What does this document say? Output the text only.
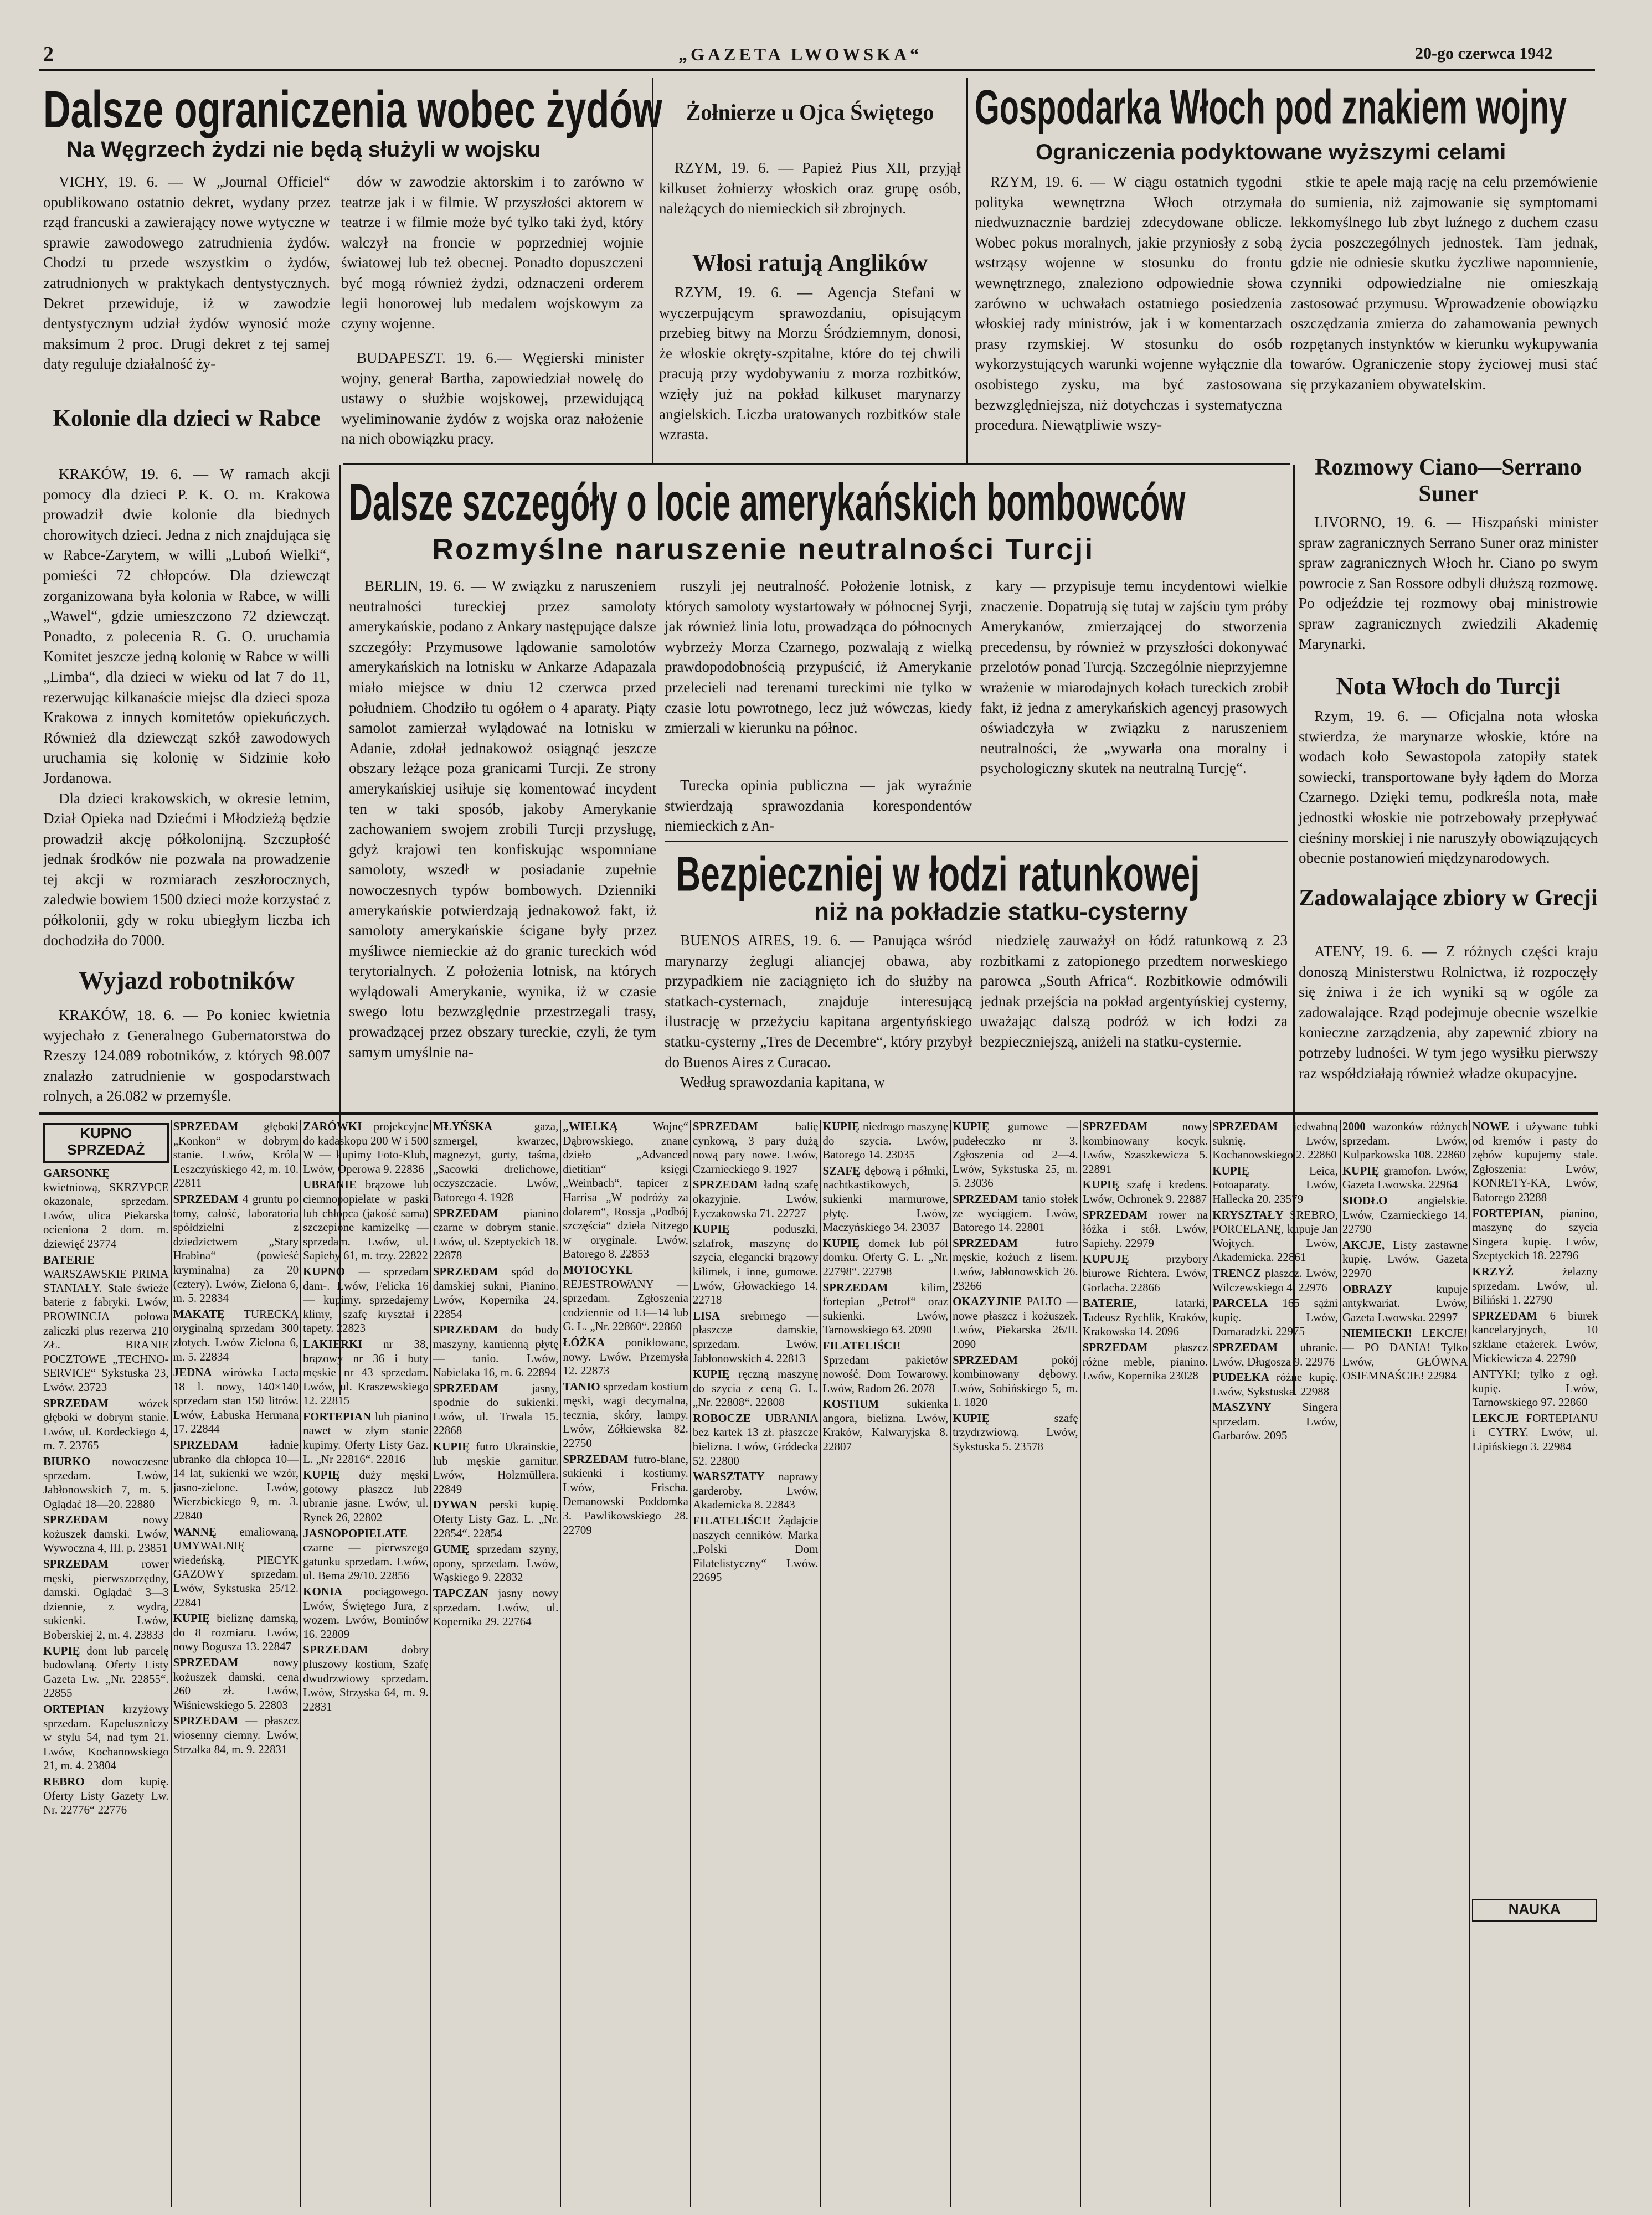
2	„GAZETA LWOWSKA“	20-go czerwca 1942
Dalsze ograniczenia wobec żydów
Na Węgrzech żydzi nie będą służyli w wojsku

VICHY, 19. 6. — W „Journal Officiel“ opublikowano ostatnio dekret, wydany przez rząd francuski a zawierający nowe wytyczne w sprawie zawodowego zatrudnienia żydów. Chodzi tu przede wszystkim o żydów, zatrudnionych w praktykach dentystycznych. Dekret przewiduje, iż w zawodzie dentystycznym udział żydów wynosić może maksimum 2 proc. Drugi dekret z tej samej daty reguluje działalność ży-

dów w zawodzie aktorskim i to zarówno w teatrze jak i w filmie. W przyszłości aktorem w teatrze i w filmie może być tylko taki żyd, który walczył na froncie w poprzedniej wojnie światowej lub też obecnej. Ponadto dopuszczeni być mogą również żydzi, odznaczeni orderem legii honorowej lub medalem wojskowym za czyny wojenne.

BUDAPESZT. 19. 6.— Węgierski minister wojny, generał Bartha, zapowiedział nowelę do ustawy o służbie wojskowej, przewidującą wyeliminowanie żydów z wojska oraz nałożenie na nich obowiązku pracy.

Kolonie dla dzieci w Rabce

KRAKÓW, 19. 6. — W ramach akcji pomocy dla dzieci P. K. O. m. Krakowa prowadził dwie kolonie dla biednych chorowitych dzieci. Jedna z nich znajdująca się w Rabce-Zarytem, w willi „Luboń Wielki“, pomieści 72 chłopców. Dla dziewcząt zorganizowana była kolonia w Rabce, w willi „Wawel“, gdzie umieszczono 72 dziewcząt. Ponadto, z polecenia R. G. O. uruchamia Komitet jeszcze jedną kolonię w Rabce w willi „Limba“, dla dzieci w wieku od lat 7 do 11, rezerwując kilkanaście miejsc dla dzieci spoza Krakowa z innych komitetów opiekuńczych. Również dla dziewcząt szkół zawodowych uruchamia się kolonię w Sidzinie koło Jordanowa.

Dla dzieci krakowskich, w okresie letnim, Dział Opieka nad Dziećmi i Młodzieżą będzie prowadził akcję półkolonijną. Szczupłość jednak środków nie pozwala na prowadzenie tej akcji w rozmiarach zeszłorocznych, zaledwie bowiem 1500 dzieci może korzystać z półkolonii, gdy w roku ubiegłym liczba ich dochodziła do 7000.

Wyjazd robotników

KRAKÓW, 18. 6. — Po koniec kwietnia wyjechało z Generalnego Gubernatorstwa do Rzeszy 124.089 robotników, z których 98.007 znalazło zatrudnienie w gospodarstwach rolnych, a 26.082 w przemyśle.

Żołnierze u Ojca Świętego

RZYM, 19. 6. — Papież Pius XII, przyjął kilkuset żołnierzy włoskich oraz grupę osób, należących do niemieckich sił zbrojnych.

Włosi ratują Anglików

RZYM, 19. 6. — Agencja Stefani w wyczerpującym sprawozdaniu, opisującym przebieg bitwy na Morzu Śródziemnym, donosi, że włoskie okręty-szpitalne, które do tej chwili pracują przy wydobywaniu z morza rozbitków, wzięły już na pokład kilkuset marynarzy angielskich. Liczba uratowanych rozbitków stale wzrasta.

Gospodarka Włoch pod znakiem wojny
Ograniczenia podyktowane wyższymi celami

RZYM, 19. 6. — W ciągu ostatnich tygodni polityka wewnętrzna Włoch otrzymała niedwuznacznie bardziej zdecydowane oblicze. Wobec pokus moralnych, jakie przyniosły z sobą wstrząsy wojenne w stosunku do frontu wewnętrznego, znaleziono odpowiednie słowa zarówno w uchwałach ostatniego posiedzenia włoskiej rady ministrów, jak i w komentarzach prasy rzymskiej. W stosunku do osób wykorzystujących warunki wojenne wyłącznie dla osobistego zysku, ma być zastosowana bezwzględniejsza, niż dotychczas i systematyczna procedura. Niewątpliwie wszy-

stkie te apele mają rację na celu przemówienie do sumienia, niż zajmowanie się symptomami lekkomyślnego lub zbyt luźnego z duchem czasu życia poszczególnych jednostek. Tam jednak, gdzie nie odniesie skutku życzliwe napomnienie, czynniki odpowiedzialne nie omieszkają zastosować przymusu. Wprowadzenie obowiązku oszczędzania zmierza do zahamowania pewnych rozpętanych instynktów w kierunku wykupywania towarów. Ograniczenie stopy życiowej musi stać się przykazaniem obywatelskim.

Dalsze szczegóły o locie amerykańskich bombowców
Rozmyślne naruszenie neutralności Turcji

BERLIN, 19. 6. — W związku z naruszeniem neutralności tureckiej przez samoloty amerykańskie, podano z Ankary następujące dalsze szczegóły: Przymusowe lądowanie samolotów amerykańskich na lotnisku w Ankarze Adapazala miało miejsce w dniu 12 czerwca przed południem. Chodziło tu ogółem o 4 aparaty. Piąty samolot zamierzał wylądować na lotnisku w Adanie, zdołał jednakowoż osiągnąć jeszcze obszary leżące poza granicami Turcji. Ze strony amerykańskiej usiłuje się komentować incydent ten w taki sposób, jakoby Amerykanie zachowaniem swojem zrobili Turcji przysługę, gdyż krajowi ten konfiskując wspomniane samoloty, wszedł w posiadanie zupełnie nowoczesnych typów bombowych. Dzienniki amerykańskie potwierdzają jednakowoż fakt, iż samoloty amerykańskie ścigane były przez myśliwce niemieckie aż do granic tureckich wód terytorialnych. Z położenia lotnisk, na których wylądowali Amerykanie, wynika, iż w czasie swego lotu bezwzględnie przestrzegali trasy, prowadzącej przez obszary tureckie, czyli, że tym samym umyślnie na-

ruszyli jej neutralność. Położenie lotnisk, z których samoloty wystartowały w północnej Syrji, jak również linia lotu, prowadząca do północnych wybrzeży Morza Czarnego, pozwalają z wielką prawdopodobnością przypuścić, iż Amerykanie przelecieli nad terenami tureckimi nie tylko w czasie lotu powrotnego, lecz już wówczas, kiedy zmierzali w kierunku na północ.

Turecka opinia publiczna — jak wyraźnie stwierdzają sprawozdania korespondentów niemieckich z An-

kary — przypisuje temu incydentowi wielkie znaczenie. Dopatrują się tutaj w zajściu tym próby Amerykanów, zmierzającej do stworzenia precedensu, by również w przyszłości dokonywać przelotów ponad Turcją. Szczególnie nieprzyjemne wrażenie w miarodajnych kołach tureckich zrobił fakt, iż jedna z amerykańskich agencyj prasowych oświadczyła w związku z naruszeniem neutralności, że „wywarła ona moralny i psychologiczny skutek na neutralną Turcję“.

Bezpieczniej w łodzi ratunkowej
niż na pokładzie statku-cysterny

BUENOS AIRES, 19. 6. — Panująca wśród marynarzy żeglugi aliancjej obawa, aby przypadkiem nie zaciągnięto ich do służby na statkach-cysternach, znajduje interesującą ilustrację w przeżyciu kapitana argentyńskiego statku-cysterny „Tres de Decembre“, który przybył do Buenos Aires z Curacao.

Według sprawozdania kapitana, w

niedzielę zauważył on łódź ratunkową z 23 rozbitkami z zatopionego przedtem norweskiego parowca „South Africa“. Rozbitkowie odmówili jednak przejścia na pokład argentyńskiej cysterny, uważając dalszą podróż w ich łodzi za bezpieczniejszą, aniżeli na statku-cysternie.

Rozmowy Ciano—Serrano Suner

LIVORNO, 19. 6. — Hiszpański minister spraw zagranicznych Serrano Suner oraz minister spraw zagranicznych Włoch hr. Ciano po swym powrocie z San Rossore odbyli dłuższą rozmowę. Po odjeździe tej rozmowy obaj ministrowie spraw zagranicznych zwiedzili Akademię Marynarki.

Nota Włoch do Turcji

Rzym, 19. 6. — Oficjalna nota włoska stwierdza, że marynarze włoskie, które na wodach koło Sewastopola zatopiły statek sowiecki, transportowane były łądem do Morza Czarnego. Dzięki temu, podkreśla nota, małe jednostki włoskie nie potrzebowały przepływać cieśniny morskiej i nie naruszyły obowiązujących obecnie postanowień międzynarodowych.

Zadowalające zbiory w Grecji

ATENY, 19. 6. — Z różnych części kraju donoszą Ministerstwu Rolnictwa, iż rozpoczęły się żniwa i że ich wyniki są w ogóle za zadowalające. Rząd podejmuje obecnie wszelkie konieczne zarządzenia, aby zapewnić zbiory na potrzeby ludności. W tym jego wysiłku pierwszy raz współdziałają również władze okupacyjne.

KUPNO SPRZEDAŻ

GARSONKĘ kwietniową, SKRZYPCE okazonale, sprzedam. Lwów, ulica Piekarska ocieniona 2 dom. m. dziewięć 23774

BATERIE WARSZAWSKIE PRIMA STANIAŁY. Stale świeże baterie z fabryki. Lwów, PROWINCJA połowa zaliczki plus rezerwa 210 ZŁ. BRANIE POCZTOWE „TECHNO-SERVICE“ Sykstuska 23, Lwów. 23723

SPRZEDAM wózek głęboki w dobrym stanie. Lwów, ul. Kordeckiego 4, m. 7. 23765

BIURKO nowoczesne sprzedam. Lwów, Jabłonowskich 7, m. 5. Oglądać 18—20. 22880

SPRZEDAM nowy kożuszek damski. Lwów, Wywoczna 4, III. p. 23851

SPRZEDAM rower męski, pierwszorzędny, damski. Oglądać 3—3 dziennie, z wydrą, sukienki. Lwów, Boberskiej 2, m. 4. 23833

KUPIĘ dom lub parcelę budowlaną. Oferty Listy Gazeta Lw. „Nr. 22855“. 22855

ORTEPIAN krzyżowy sprzedam. Kapeluszniczy w stylu 54, nad tym 21. Lwów, Kochanowskiego 21, m. 4. 23804

REBRO dom kupię. Oferty Listy Gazety Lw. Nr. 22776“ 22776

SPRZEDAM głęboki „Konkon“ w dobrym stanie. Lwów, Króla Leszczyńskiego 42, m. 10. 22811

SPRZEDAM 4 gruntu po tomy, całość, laboratoria spółdzielni z dziedzictwem „Stary Hrabina“ (powieść kryminalna) za 20 (cztery). Lwów, Zielona 6, m. 5. 22834

MAKATĘ TURECKĄ oryginalną sprzedam 300 złotych. Lwów Zielona 6, m. 5. 22834

JEDNA wirówka Lacta 18 l. nowy, 140×140 sprzedam stan 150 litrów. Lwów, Łabuska Hermana 17. 22844

SPRZEDAM ładnie ubranko dla chłopca 10—14 lat, sukienki we wzór, jasno-zielone. Lwów, Wierzbickiego 9, m. 3. 22840

WANNĘ emaliowaną, UMYWALNIĘ wiedeńską, PIECYK GAZOWY sprzedam. Lwów, Sykstuska 25/12. 22841

KUPIĘ bieliznę damską, do 8 rozmiaru. Lwów, nowy Bogusza 13. 22847

SPRZEDAM nowy kożuszek damski, cena 260 zł. Lwów, Wiśniewskiego 5. 22803

SPRZEDAM — płaszcz wiosenny ciemny. Lwów, Strzałka 84, m. 9. 22831

ZARÓWKI projekcyjne do kadaskopu 200 W i 500 W — kupimy Foto-Klub, Lwów, Operowa 9. 22836

UBRANIE brązowe lub ciemnopopielate w paski lub chłopca (jakość sama) szczepione kamizelkę — sprzedam. Lwów, ul. Sapiehy 61, m. trzy. 22822

KUPNO — sprzedam dam-. Lwów, Felicka 16 — kupimy. sprzedajemy klimy, szafę kryształ i tapety. 22823

LAKIERKI nr 38, brązowy nr 36 i buty męskie nr 43 sprzedam. Lwów, ul. Kraszewskiego 12. 22815

FORTEPIAN lub pianino nawet w złym stanie kupimy. Oferty Listy Gaz. L. „Nr 22816“. 22816

KUPIĘ duży męski gotowy płaszcz lub ubranie jasne. Lwów, ul. Rynek 26, 22802

JASNOPOPIELATE czarne — pierwszego gatunku sprzedam. Lwów, ul. Bema 29/10. 22856

KONIA pociągowego. Lwów, Świętego Jura, z wozem. Lwów, Bominów 16. 22809

SPRZEDAM dobry pluszowy kostium, Szafę dwudrzwiowy sprzedam. Lwów, Strzyska 64, m. 9. 22831

MŁYŃSKA gaza, szmergel, kwarzec, magnezyt, gurty, taśma, „Sacowki drelichowe, oczyszczacie. Lwów, Batorego 4. 1928

SPRZEDAM pianino czarne w dobrym stanie. Lwów, ul. Szeptyckich 18. 22878

SPRZEDAM spód do damskiej sukni, Pianino. Lwów, Kopernika 24. 22854

SPRZEDAM do budy maszyny, kamienną płytę — tanio. Lwów, Nabielaka 16, m. 6. 22894

SPRZEDAM jasny, spodnie do sukienki. Lwów, ul. Trwala 15. 22868

KUPIĘ futro Ukrainskie, lub męskie garnitur. Lwów, Holzmüllera. 22849

DYWAN perski kupię. Oferty Listy Gaz. L. „Nr. 22854“. 22854

GUMĘ sprzedam szyny, opony, sprzedam. Lwów, Wąskiego 9. 22832

TAPCZAN jasny nowy sprzedam. Lwów, ul. Kopernika 29. 22764

„WIELKĄ Wojnę“ Dąbrowskiego, znane dzieło „Advanced dietitian“ księgi „Weinbach“, tapicer z Harrisa „W podróży za dolarem“, Rossja „Podbój szczęścia“ dzieła Nitzego w oryginale. Lwów, Batorego 8. 22853

MOTOCYKL REJESTROWANY — sprzedam. Zgłoszenia codziennie od 13—14 lub G. L. „Nr. 22860“. 22860

ŁÓŻKA ponikłowane, nowy. Lwów, Przemysła 12. 22873

TANIO sprzedam kostium męski, wagi decymalna, tecznia, skóry, lampy. Lwów, Zółkiewska 82. 22750

SPRZEDAM futro-blane, sukienki i kostiumy. Lwów, Frischa. Demanowski Poddomka 3. Pawlikowskiego 28. 22709

SPRZEDAM balię cynkową, 3 pary dużą nową pary nowe. Lwów, Czarnieckiego 9. 1927

SPRZEDAM ładną szafę okazyjnie. Lwów, Łyczakowska 71. 22727

KUPIĘ poduszki, szlafrok, maszynę do szycia, elegancki brązowy kilimek, i inne, gumowe. Lwów, Głowackiego 14. 22718

LISA srebrnego — płaszcze damskie, sprzedam. Lwów, Jabłonowskich 4. 22813

KUPIĘ ręczną maszynę do szycia z ceną G. L. „Nr. 22808“. 22808

ROBOCZE UBRANIA bez kartek 13 zł. płaszcze bielizna. Lwów, Gródecka 52. 22800

WARSZTATY naprawy garderoby. Lwów, Akademicka 8. 22843

FILATELIŚCI! Żądajcie naszych cenników. Marka „Polski Dom Filatelistyczny“ Lwów. 22695

KUPIĘ niedrogo maszynę do szycia. Lwów, Batorego 14. 23035

SZAFĘ dębową i półmki, nachtkastikowych, sukienki marmurowe, płytę. Lwów, Maczyńskiego 34. 23037

KUPIĘ domek lub pół domku. Oferty G. L. „Nr. 22798“. 22798

SPRZEDAM kilim, fortepian „Petrof“ oraz sukienki. Lwów, Tarnowskiego 63. 2090

FILATELIŚCI! Sprzedam pakietów nowość. Dom Towarowy. Lwów, Radom 26. 2078

KOSTIUM sukienka angora, bielizna. Lwów, Kraków, Kalwaryjska 8. 22807

KUPIĘ gumowe — pudełeczko nr 3. Zgłoszenia od 2—4. Lwów, Sykstuska 25, m. 5. 23036

SPRZEDAM tanio stołek ze wyciągiem. Lwów, Batorego 14. 22801

SPRZEDAM futro męskie, kożuch z lisem. Lwów, Jabłonowskich 26. 23266

OKAZYJNIE PALTO — nowe płaszcz i kożuszek. Lwów, Piekarska 26/II. 2090

SPRZEDAM pokój kombinowany dębowy. Lwów, Sobińskiego 5, m. 1. 1820

KUPIĘ szafę trzydrzwiową. Lwów, Sykstuska 5. 23578

SPRZEDAM nowy kombinowany kocyk. Lwów, Szaszkewicza 5. 22891

KUPIĘ szafę i kredens. Lwów, Ochronek 9. 22887

SPRZEDAM rower na łóżka i stół. Lwów, Sapiehy. 22979

KUPUJĘ przybory biurowe Richtera. Lwów, Gorlacha. 22866

BATERIE, latarki, Tadeusz Rychlik, Kraków, Krakowska 14. 2096

SPRZEDAM płaszcz różne meble, pianino. Lwów, Kopernika 23028

SPRZEDAM jedwabną suknię. Lwów, Kochanowskiego 2. 22860

KUPIĘ Leica, Fotoaparaty. Lwów, Hallecka 20. 23579

KRYSZTAŁY SREBRO, PORCELANĘ, kupuje Jan Wojtych. Lwów, Akademicka. 22861

TRENCZ płaszcz. Lwów, Wilczewskiego 4. 22976

PARCELA 165 sążni kupię. Lwów, Domaradzki. 22975

SPRZEDAM ubranie. Lwów, Długosza 9. 22976

PUDEŁKA różne kupię. Lwów, Sykstuska. 22988

MASZYNY Singera sprzedam. Lwów, Garbarów. 2095

2000 wazonków różnych sprzedam. Lwów, Kulparkowska 108. 22860

KUPIĘ gramofon. Lwów, Gazeta Lwowska. 22964

SIODŁO angielskie. Lwów, Czarnieckiego 14. 22790

AKCJE, Listy zastawne kupię. Lwów, Gazeta 22970

OBRAZY kupuje antykwariat. Lwów, Gazeta Lwowska. 22997

NIEMIECKI! LEKCJE! — PO DANIA! Tylko Lwów, GŁÓWNA OSIEMNAŚCIE! 22984

NOWE i używane tubki od kremów i pasty do zębów kupujemy stale. Zgłoszenia: Lwów, KONRETY-KA, Lwów, Batorego 23288

FORTEPIAN, pianino, maszynę do szycia Singera kupię. Lwów, Szeptyckich 18. 22796

KRZYŻ żelazny sprzedam. Lwów, ul. Biliński 1. 22790

SPRZEDAM 6 biurek kancelaryjnych, 10 szklane etażerek. Lwów, Mickiewicza 4. 22790

ANTYKI; tylko z ogł. kupię. Lwów, Tarnowskiego 97. 22860

LEKCJE FORTEPIANU i CYTRY. Lwów, ul. Lipińskiego 3. 22984

NAUKA
